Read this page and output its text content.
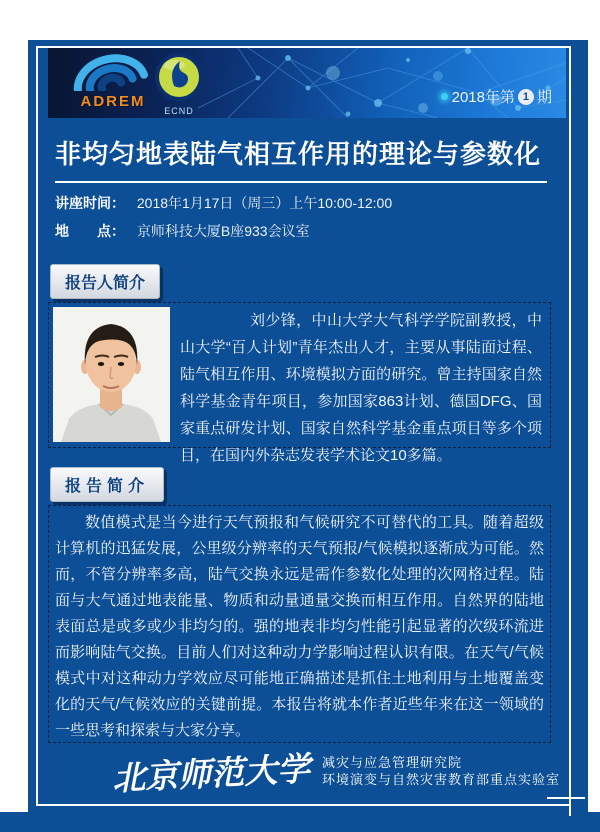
ADREM
ECND
2018年第 1 期
非均匀地表陆气相互作用的理论与参数化
讲座时间： 2018年1月17日（周三）上午10:00-12:00
地　　点： 京师科技大厦B座933会议室
报告人简介

刘少锋，中山大学大气科学学院副教授，中山大学“百人计划”青年杰出人才，主要从事陆面过程、陆气相互作用、环境模拟方面的研究。曾主持国家自然科学基金青年项目，参加国家863计划、德国DFG、国家重点研发计划、国家自然科学基金重点项目等多个项目，在国内外杂志发表学术论文10多篇。

报告简介

数值模式是当今进行天气预报和气候研究不可替代的工具。随着超级计算机的迅猛发展，公里级分辨率的天气预报/气候模拟逐渐成为可能。然而，不管分辨率多高，陆气交换永远是需作参数化处理的次网格过程。陆面与大气通过地表能量、物质和动量通量交换而相互作用。自然界的陆地表面总是或多或少非均匀的。强的地表非均匀性能引起显著的次级环流进而影响陆气交换。目前人们对这种动力学影响过程认识有限。在天气/气候模式中对这种动力学效应尽可能地正确描述是抓住土地利用与土地覆盖变化的天气/气候效应的关键前提。本报告将就本作者近些年来在这一领域的一些思考和探索与大家分享。

北京师范大学 减灾与应急管理研究院
环境演变与自然灾害教育部重点实验室
